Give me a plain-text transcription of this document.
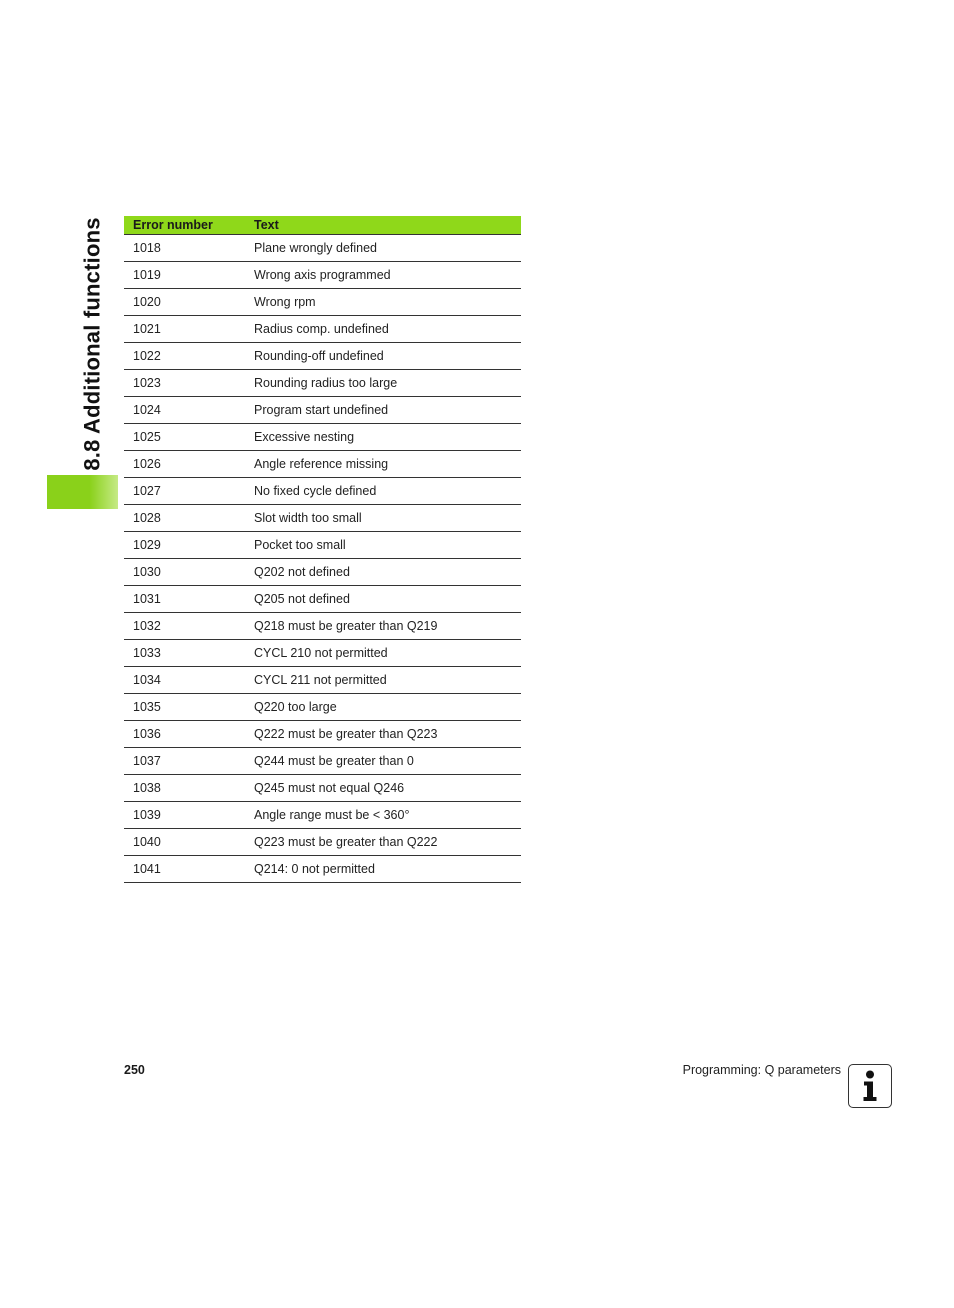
8.8 Additional functions Error number	Text
1018	Plane wrongly defined
1019	Wrong axis programmed
1020	Wrong rpm
1021	Radius comp. undefined
1022	Rounding-off undefined
1023	Rounding radius too large
1024	Program start undefined
1025	Excessive nesting
1026	Angle reference missing
1027	No fixed cycle defined
1028	Slot width too small
1029	Pocket too small
1030	Q202 not defined
1031	Q205 not defined
1032	Q218 must be greater than Q219
1033	CYCL 210 not permitted
1034	CYCL 211 not permitted
1035	Q220 too large
1036	Q222 must be greater than Q223
1037	Q244 must be greater than 0
1038	Q245 must not equal Q246
1039	Angle range must be < 360°
1040	Q223 must be greater than Q222
1041	Q214: 0 not permitted
250	Programming: Q parameters
